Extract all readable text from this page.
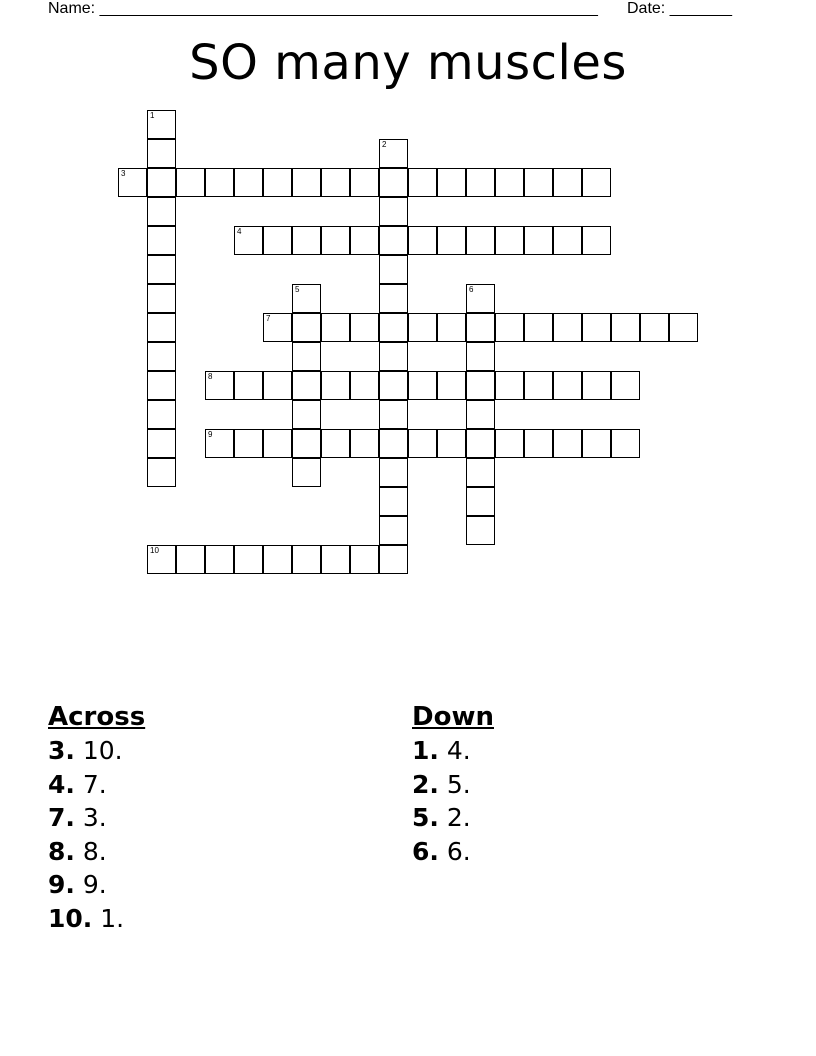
Name: ________________________________________________________ Date: _______
SO many muscles
1
2
3
4
5	6
7
8
9
10
Across
3. 10.
4. 7.
7. 3.
8. 8.
9. 9.
10. 1.
Down
1. 4.
2. 5.
5. 2.
6. 6.
